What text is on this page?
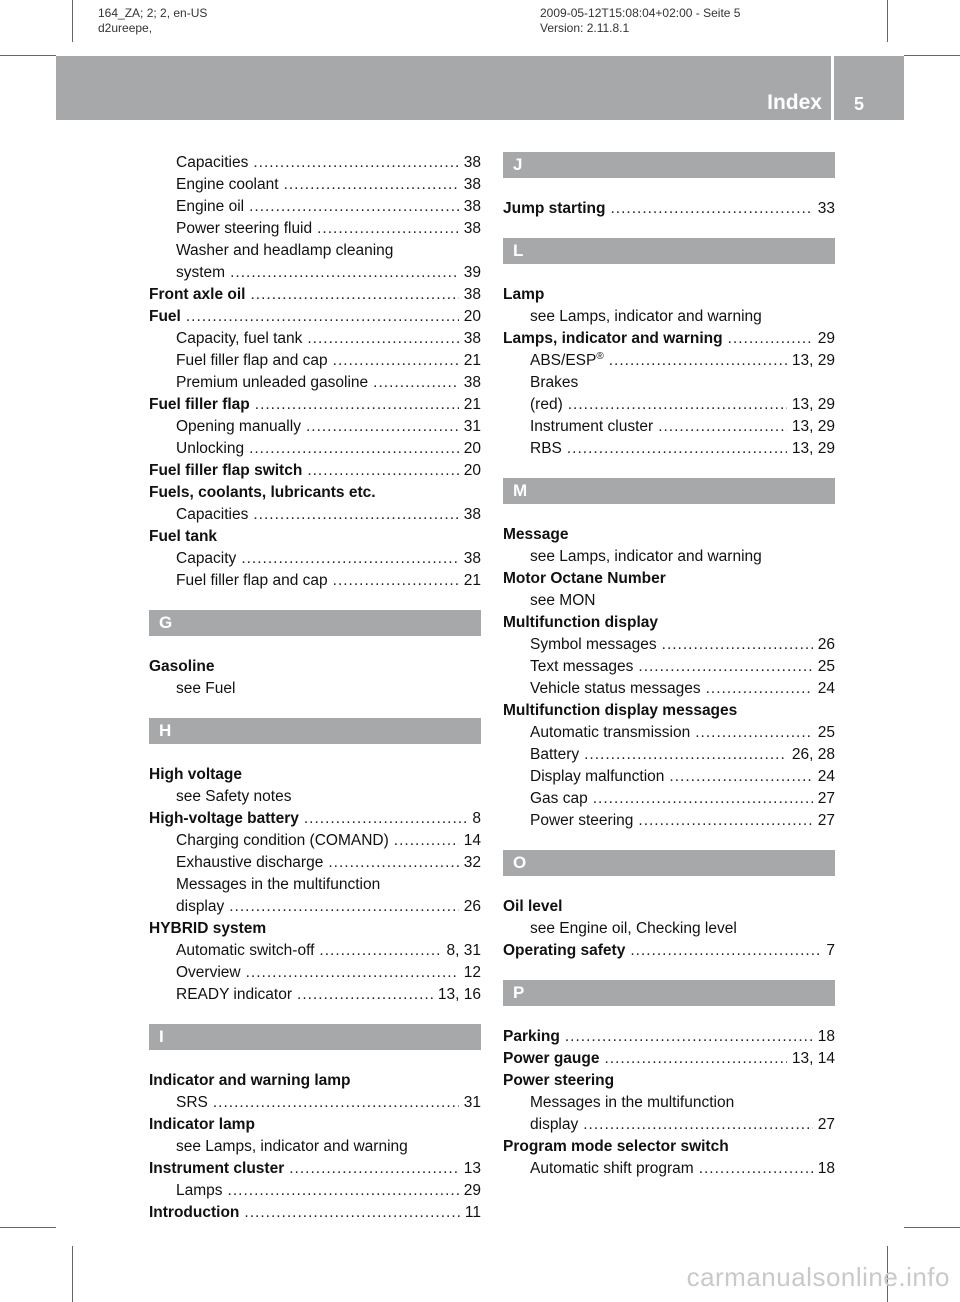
164_ZA; 2; 2, en-US
d2ureepe,
2009-05-12T15:08:04+02:00 - Seite 5
Version: 2.11.8.1
Index	5
Capacities .....	38
Engine coolant .....	38
Engine oil .....	38
Power steering fluid .....	38
Washer and headlamp cleaning
system .....	39
Front axle oil .....	38
Fuel .....	20
Capacity, fuel tank .....	38
Fuel filler flap and cap .....	21
Premium unleaded gasoline .....	38
Fuel filler flap .....	21
Opening manually .....	31
Unlocking .....	20
Fuel filler flap switch .....	20
Fuels, coolants, lubricants etc.
Capacities .....	38
Fuel tank
Capacity .....	38
Fuel filler flap and cap .....	21
G
Gasoline
see Fuel
H
High voltage
see Safety notes
High-voltage battery .....	8
Charging condition (COMAND) .....	14
Exhaustive discharge .....	32
Messages in the multifunction
display .....	26
HYBRID system
Automatic switch-off .....	8, 31
Overview .....	12
READY indicator .....	13, 16
I
Indicator and warning lamp
SRS .....	31
Indicator lamp
see Lamps, indicator and warning
Instrument cluster .....	13
Lamps .....	29
Introduction .....	11
J
Jump starting .....	33
L
Lamp
see Lamps, indicator and warning
Lamps, indicator and warning .....	29
ABS/ESP® .....	13, 29
Brakes
(red) .....	13, 29
Instrument cluster .....	13, 29
RBS .....	13, 29
M
Message
see Lamps, indicator and warning
Motor Octane Number
see MON
Multifunction display
Symbol messages .....	26
Text messages .....	25
Vehicle status messages .....	24
Multifunction display messages
Automatic transmission .....	25
Battery .....	26, 28
Display malfunction .....	24
Gas cap .....	27
Power steering .....	27
O
Oil level
see Engine oil, Checking level
Operating safety .....	7
P
Parking .....	18
Power gauge .....	13, 14
Power steering
Messages in the multifunction
display .....	27
Program mode selector switch
Automatic shift program .....	18
carmanualsonline.info
